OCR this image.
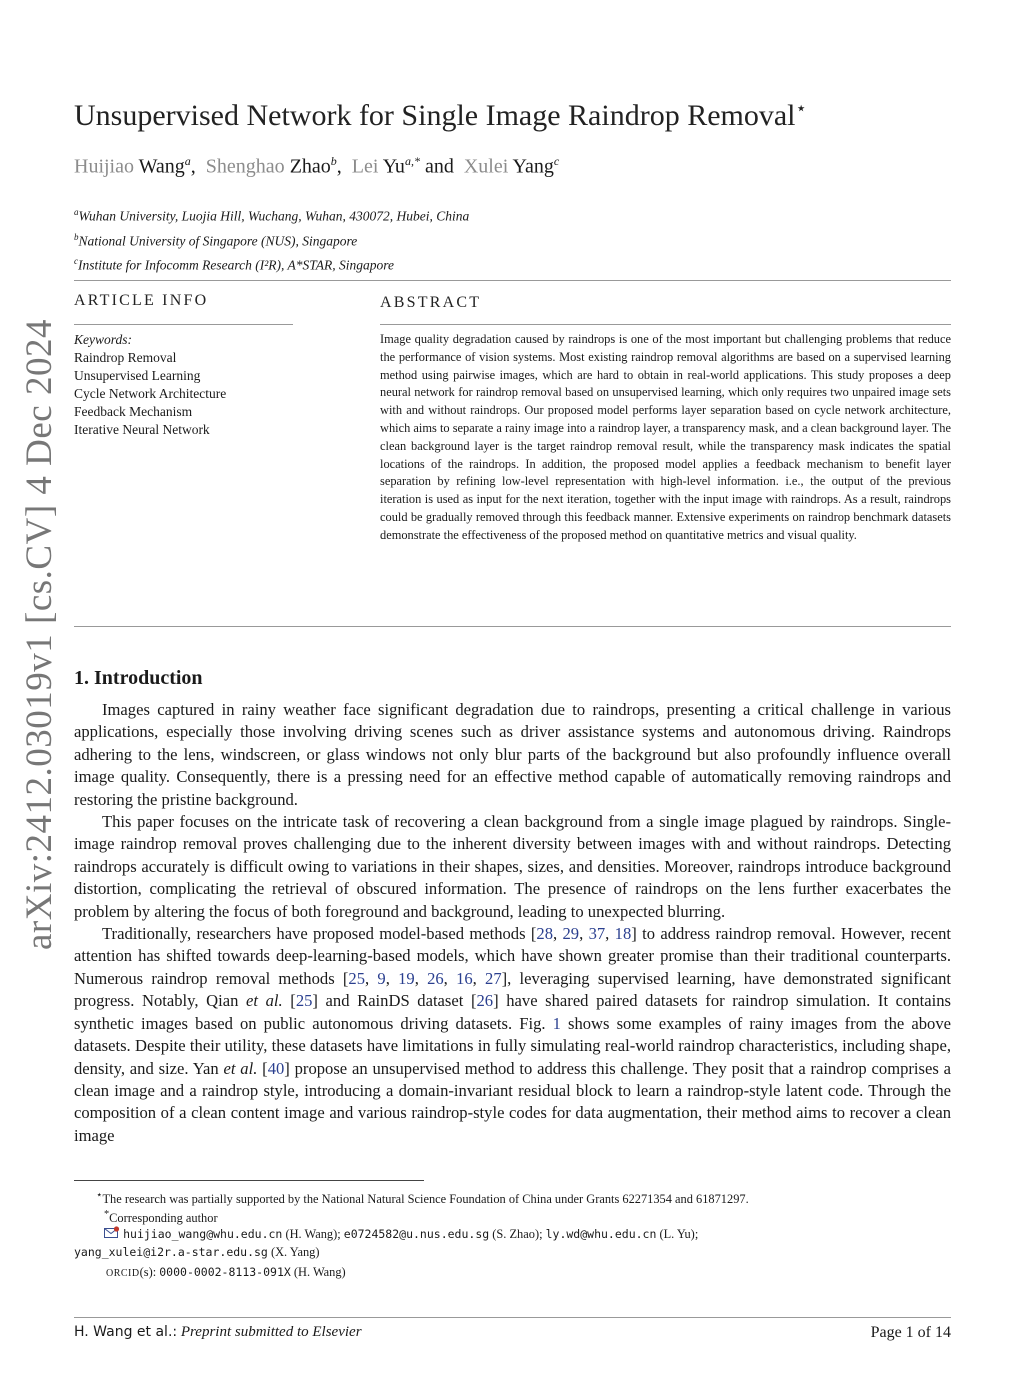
arXiv:2412.03019v1 [cs.CV] 4 Dec 2024
Unsupervised Network for Single Image Raindrop Removal⋆
Huijiao Wang$^a$,  Shenghao Zhao$^b$,  Lei $Yu^{a,*}$ and Xulei Yang$^c$
$^a$Wuhan University, Luojia Hill, Wuchang, Wuhan, 430072, Hubei, China
$^b$National University of Singapore (NUS), Singapore
$^c$Institute for Infocomm Research (I²R), A*STAR, Singapore
ARTICLE INFO
Keywords:
Raindrop Removal
Unsupervised Learning
Cycle Network Architecture
Feedback Mechanism
Iterative Neural Network
ABSTRACT
Image quality degradation caused by raindrops is one of the most important but challenging problems that reduce the performance of vision systems. Most existing raindrop removal algorithms are based on a supervised learning method using pairwise images, which are hard to obtain in real-world applications. This study proposes a deep neural network for raindrop removal based on unsupervised learning, which only requires two unpaired image sets with and without raindrops. Our proposed model performs layer separation based on cycle network architecture, which aims to separate a rainy image into a raindrop layer, a transparency mask, and a clean background layer. The clean background layer is the target raindrop removal result, while the transparency mask indicates the spatial locations of the raindrops. In addition, the proposed model applies a feedback mechanism to benefit layer separation by refining low-level representation with high-level information. i.e., the output of the previous iteration is used as input for the next iteration, together with the input image with raindrops. As a result, raindrops could be gradually removed through this feedback manner. Extensive experiments on raindrop benchmark datasets demonstrate the effectiveness of the proposed method on quantitative metrics and visual quality.
1. Introduction

Images captured in rainy weather face significant degradation due to raindrops, presenting a critical challenge in various applications, especially those involving driving scenes such as driver assistance systems and autonomous driving. Raindrops adhering to the lens, windscreen, or glass windows not only blur parts of the background but also profoundly influence overall image quality. Consequently, there is a pressing need for an effective method capable of automatically removing raindrops and restoring the pristine background.

This paper focuses on the intricate task of recovering a clean background from a single image plagued by raindrops. Single-image raindrop removal proves challenging due to the inherent diversity between images with and without raindrops. Detecting raindrops accurately is difficult owing to variations in their shapes, sizes, and densities. Moreover, raindrops introduce background distortion, complicating the retrieval of obscured information. The presence of raindrops on the lens further exacerbates the problem by altering the focus of both foreground and background, leading to unexpected blurring.

Traditionally, researchers have proposed model-based methods [28, 29, 37, 18] to address raindrop removal. However, recent attention has shifted towards deep-learning-based models, which have shown greater promise than their traditional counterparts. Numerous raindrop removal methods [25, 9, 19, 26, 16, 27], leveraging supervised learning, have demonstrated significant progress. Notably, Qian et al. [25] and RainDS dataset [26] have shared paired datasets for raindrop simulation. It contains synthetic images based on public autonomous driving datasets. Fig. 1 shows some examples of rainy images from the above datasets. Despite their utility, these datasets have limitations in fully simulating real-world raindrop characteristics, including shape, density, and size. Yan et al. [40] propose an unsupervised method to address this challenge. They posit that a raindrop comprises a clean image and a raindrop style, introducing a domain-invariant residual block to learn a raindrop-style latent code. Through the composition of a clean content image and various raindrop-style codes for data augmentation, their method aims to recover a clean image

⋆The research was partially supported by the National Natural Science Foundation of China under Grants 62271354 and 61871297.
*Corresponding author
huijiao_wang@whu.edu.cn (H. Wang); e0724582@u.nus.edu.sg (S. Zhao); ly.wd@whu.edu.cn (L. Yu);
yang_xulei@i2r.a-star.edu.sg (X. Yang)
ORCID(s): 0000-0002-8113-091X (H. Wang)
H. Wang et al.: Preprint submitted to Elsevier	Page 1 of 14
